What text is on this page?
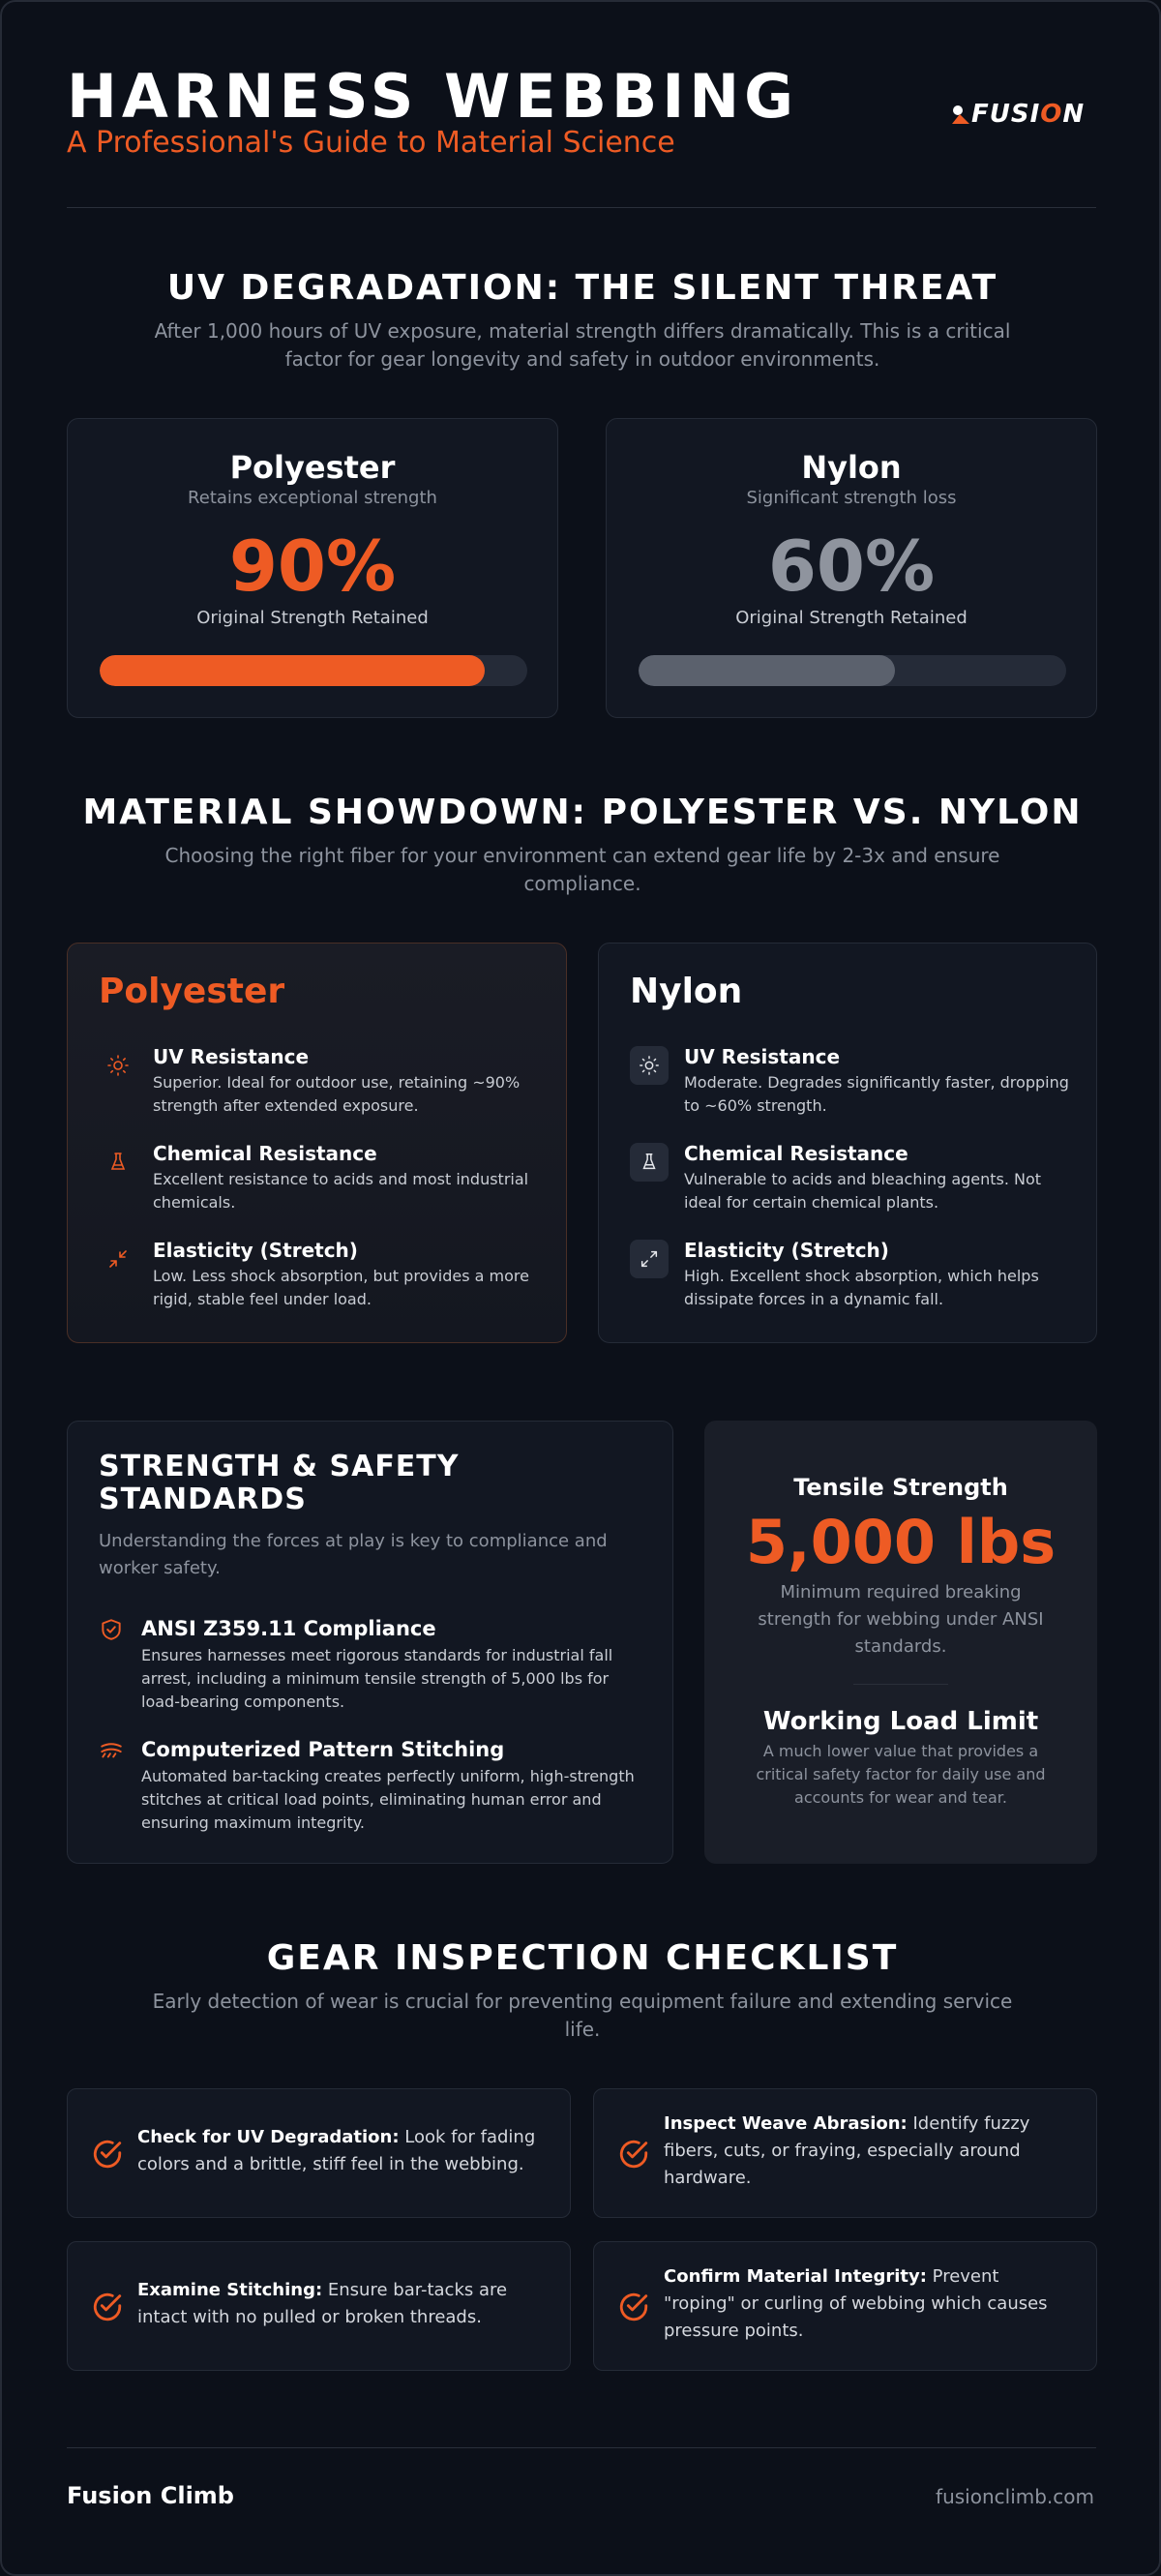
HARNESS WEBBING
A Professional's Guide to Material Science
FUSION
UV DEGRADATION: THE SILENT THREAT
After 1,000 hours of UV exposure, material strength differs dramatically. This is a critical factor for gear longevity and safety in outdoor environments.
Polyester
Retains exceptional strength
90%
Original Strength Retained
Nylon
Significant strength loss
60%
Original Strength Retained
MATERIAL SHOWDOWN: POLYESTER VS. NYLON
Choosing the right fiber for your environment can extend gear life by 2-3x and ensure compliance.
Polyester
UV Resistance
Superior. Ideal for outdoor use, retaining ~90% strength after extended exposure.
Chemical Resistance
Excellent resistance to acids and most industrial chemicals.
Elasticity (Stretch)
Low. Less shock absorption, but provides a more rigid, stable feel under load.
Nylon
UV Resistance
Moderate. Degrades significantly faster, dropping to ~60% strength.
Chemical Resistance
Vulnerable to acids and bleaching agents. Not ideal for certain chemical plants.
Elasticity (Stretch)
High. Excellent shock absorption, which helps dissipate forces in a dynamic fall.
STRENGTH & SAFETY STANDARDS
Understanding the forces at play is key to compliance and worker safety.
ANSI Z359.11 Compliance
Ensures harnesses meet rigorous standards for industrial fall arrest, including a minimum tensile strength of 5,000 lbs for load-bearing components.
Computerized Pattern Stitching
Automated bar-tacking creates perfectly uniform, high-strength stitches at critical load points, eliminating human error and ensuring maximum integrity.
Tensile Strength
5,000 lbs
Minimum required breaking strength for webbing under ANSI standards.
Working Load Limit
A much lower value that provides a critical safety factor for daily use and accounts for wear and tear.
GEAR INSPECTION CHECKLIST
Early detection of wear is crucial for preventing equipment failure and extending service life.
Check for UV Degradation: Look for fading colors and a brittle, stiff feel in the webbing.
Inspect Weave Abrasion: Identify fuzzy fibers, cuts, or fraying, especially around hardware.
Examine Stitching: Ensure bar-tacks are intact with no pulled or broken threads.
Confirm Material Integrity: Prevent "roping" or curling of webbing which causes pressure points.
Fusion Climb	fusionclimb.com
